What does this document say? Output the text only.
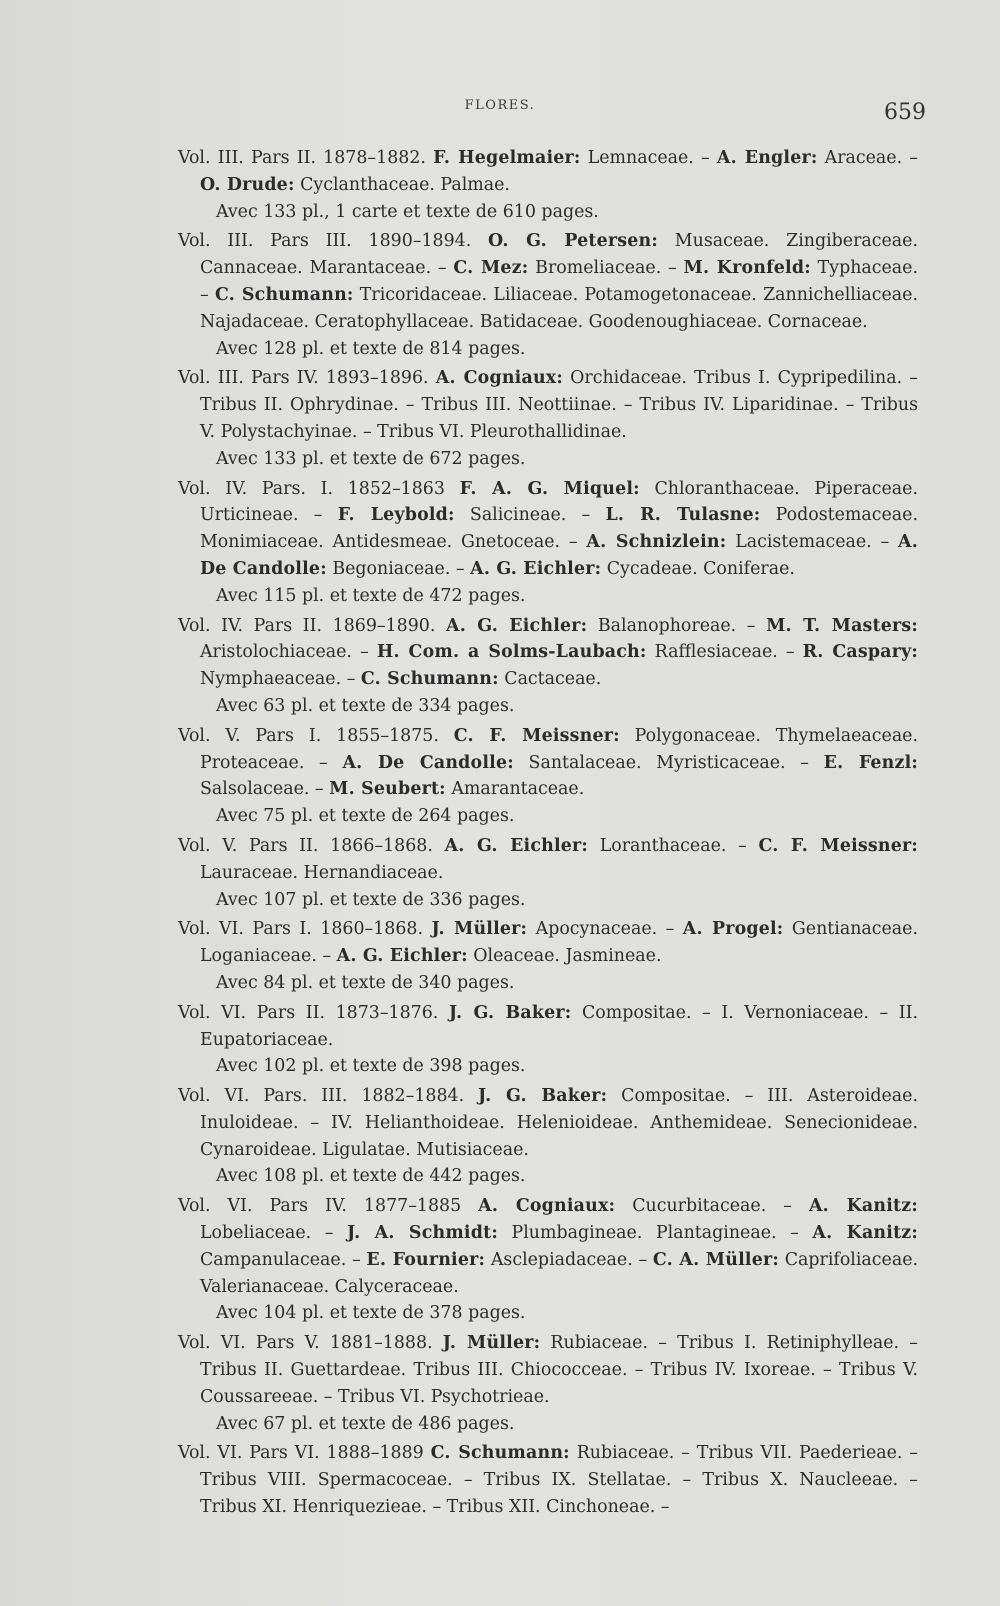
FLORES.	659

Vol. III. Pars II. 1878–1882. F. Hegelmaier: Lemnaceae. – A. Engler: Araceae. – O. Drude: Cyclanthaceae. Palmae.

Avec 133 pl., 1 carte et texte de 610 pages.

Vol. III. Pars III. 1890–1894. O. G. Petersen: Musaceae. Zingiberaceae. Cannaceae. Marantaceae. – C. Mez: Bromeliaceae. – M. Kronfeld: Typhaceae. – C. Schumann: Tricoridaceae. Liliaceae. Potamogetonaceae. Zannichelliaceae. Najadaceae. Ceratophyllaceae. Batidaceae. Goodenoughiaceae. Cornaceae.

Avec 128 pl. et texte de 814 pages.

Vol. III. Pars IV. 1893–1896. A. Cogniaux: Orchidaceae. Tribus I. Cypripedilina. – Tribus II. Ophrydinae. – Tribus III. Neottiinae. – Tribus IV. Liparidinae. – Tribus V. Polystachyinae. – Tribus VI. Pleurothallidinae.

Avec 133 pl. et texte de 672 pages.

Vol. IV. Pars. I. 1852–1863 F. A. G. Miquel: Chloranthaceae. Piperaceae. Urticineae. – F. Leybold: Salicineae. – L. R. Tulasne: Podostemaceae. Monimiaceae. Antidesmeae. Gnetoceae. – A. Schnizlein: Lacistemaceae. – A. De Candolle: Begoniaceae. – A. G. Eichler: Cycadeae. Coniferae.

Avec 115 pl. et texte de 472 pages.

Vol. IV. Pars II. 1869–1890. A. G. Eichler: Balanophoreae. – M. T. Masters: Aristolochiaceae. – H. Com. a Solms-Laubach: Rafflesiaceae. – R. Caspary: Nymphaeaceae. – C. Schumann: Cactaceae.

Avec 63 pl. et texte de 334 pages.

Vol. V. Pars I. 1855–1875. C. F. Meissner: Polygonaceae. Thymelaeaceae. Proteaceae. – A. De Candolle: Santalaceae. Myristicaceae. – E. Fenzl: Salsolaceae. – M. Seubert: Amarantaceae.

Avec 75 pl. et texte de 264 pages.

Vol. V. Pars II. 1866–1868. A. G. Eichler: Loranthaceae. – C. F. Meissner: Lauraceae. Hernandiaceae.

Avec 107 pl. et texte de 336 pages.

Vol. VI. Pars I. 1860–1868. J. Müller: Apocynaceae. – A. Progel: Gentianaceae. Loganiaceae. – A. G. Eichler: Oleaceae. Jasmineae.

Avec 84 pl. et texte de 340 pages.

Vol. VI. Pars II. 1873–1876. J. G. Baker: Compositae. – I. Vernoniaceae. – II. Eupatoriaceae.

Avec 102 pl. et texte de 398 pages.

Vol. VI. Pars. III. 1882–1884. J. G. Baker: Compositae. – III. Asteroideae. Inuloideae. – IV. Helianthoideae. Helenioideae. Anthemideae. Senecionideae. Cynaroideae. Ligulatae. Mutisiaceae.

Avec 108 pl. et texte de 442 pages.

Vol. VI. Pars IV. 1877–1885 A. Cogniaux: Cucurbitaceae. – A. Kanitz: Lobeliaceae. – J. A. Schmidt: Plumbagineae. Plantagineae. – A. Kanitz: Campanulaceae. – E. Fournier: Asclepiadaceae. – C. A. Müller: Caprifoliaceae. Valerianaceae. Calyceraceae.

Avec 104 pl. et texte de 378 pages.

Vol. VI. Pars V. 1881–1888. J. Müller: Rubiaceae. – Tribus I. Retiniphylleae. – Tribus II. Guettardeae. Tribus III. Chiococceae. – Tribus IV. Ixoreae. – Tribus V. Coussareeae. – Tribus VI. Psychotrieae.

Avec 67 pl. et texte de 486 pages.

Vol. VI. Pars VI. 1888–1889 C. Schumann: Rubiaceae. – Tribus VII. Paederieae. – Tribus VIII. Spermacoceae. – Tribus IX. Stellatae. – Tribus X. Naucleeae. – Tribus XI. Henriquezieae. – Tribus XII. Cinchoneae. –
